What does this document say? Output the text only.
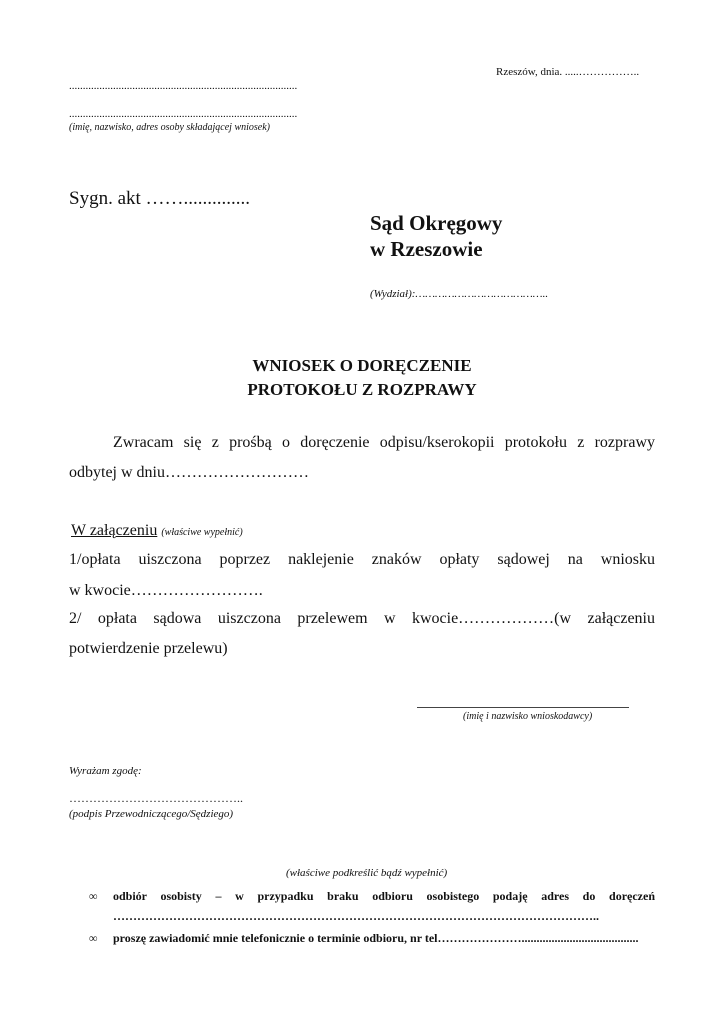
Rzeszów, dnia. .....……………..
...................................................................................
...................................................................................
(imię, nazwisko, adres osoby składającej wniosek)
Sygn. akt ……..............
Sąd Okręgowy
w Rzeszowie
(Wydział):…………………………………..
WNIOSEK O DORĘCZENIE
PROTOKOŁU Z ROZPRAWY
Zwracam się z prośbą o doręczenie odpisu/kserokopii protokołu z rozprawy
odbytej w dniu………………………
W załączeniu (właściwe wypełnić)
1/opłata uiszczona poprzez naklejenie znaków opłaty sądowej na wniosku
w kwocie…………………….
2/ opłata sądowa uiszczona przelewem w kwocie………………(w załączeniu
potwierdzenie przelewu)
(imię i nazwisko wnioskodawcy)
Wyrażam zgodę:
……………………………………..
(podpis Przewodniczącego/Sędziego)
(właściwe podkreślić bądź wypełnić)
∞ odbiór osobisty – w przypadku braku odbioru osobistego podaję adres do doręczeń
…………………………………………………………………………………………………………..
∞ proszę zawiadomić mnie telefonicznie o terminie odbioru, nr tel………………….......................................
